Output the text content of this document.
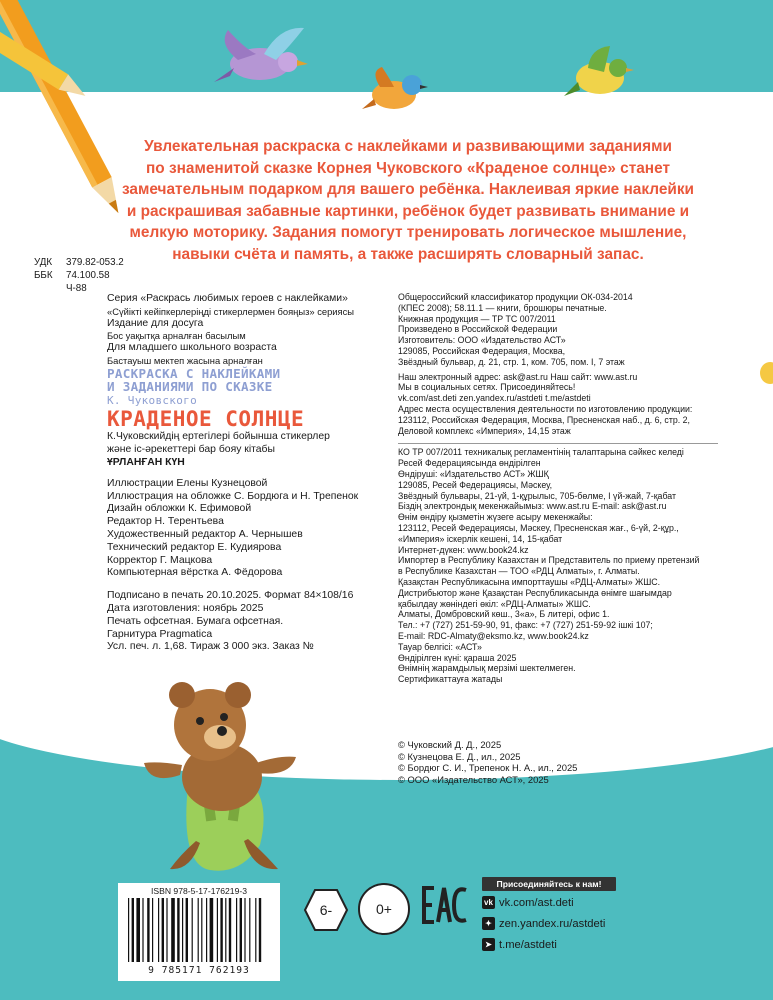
Увлекательная раскраска с наклейками и развивающими заданиями
по знаменитой сказке Корнея Чуковского «Краденое солнце» станет
замечательным подарком для вашего ребёнка. Наклеивая яркие наклейки
и раскрашивая забавные картинки, ребёнок будет развивать внимание и
мелкую моторику. Задания помогут тренировать логическое мышление,
навыки счёта и память, а также расширять словарный запас.

УДК	379.82-053.2
ББК	74.100.58
Ч-88

Серия «Раскрась любимых героев с наклейками»

«Сүйікті кейіпкерлеріңді стикерлермен бояңыз» сериясы

Издание для досуга

Бос уақытқа арналған басылым

Для младшего школьного возраста

Бастауыш мектеп жасына арналған

РАСКРАСКА С НАКЛЕЙКАМИ
И ЗАДАНИЯМИ ПО СКАЗКЕ
К. Чуковского

КРАДЕНОЕ СОЛНЦЕ

К.Чуковскийдің ертегілері бойынша стикерлер

және іс-әрекеттері бар бояу кітабы

ҰРЛАНҒАН КҮН

Иллюстрации Елены Кузнецовой

Иллюстрация на обложке С. Бордюга и Н. Трепенок

Дизайн обложки К. Ефимовой

Редактор Н. Терентьева

Художественный редактор А. Чернышев

Технический редактор Е. Кудиярова

Корректор Г. Мацкова

Компьютерная вёрстка А. Фёдорова

Подписано в печать 20.10.2025. Формат 84×108/16

Дата изготовления: ноябрь 2025

Печать офсетная. Бумага офсетная.

Гарнитура Pragmatica

Усл. печ. л. 1,68. Тираж 3 000 экз. Заказ №

Общероссийский классификатор продукции ОК-034-2014

(КПЕС 2008); 58.11.1 — книги, брошюры печатные.

Книжная продукция — ТР ТС 007/2011

Произведено в Российской Федерации

Изготовитель: ООО «Издательство АСТ»

129085, Российская Федерация, Москва,

Звёздный бульвар, д. 21, стр. 1, ком. 705, пом. I, 7 этаж

Наш электронный адрес: ask@ast.ru Наш сайт: www.ast.ru

Мы в социальных сетях. Присоединяйтесь!

vk.com/ast.deti zen.yandex.ru/astdeti t.me/astdeti

Адрес места осуществления деятельности по изготовлению продукции:

123112, Российская Федерация, Москва, Пресненская наб., д. 6, стр. 2,

Деловой комплекс «Империя», 14,15 этаж

КО ТР 007/2011 техникалық регламентінің талаптарына сәйкес келеді

Ресей Федерациясында өндірілген

Өндіруші: «Издательство АСТ» ЖШҚ

129085, Ресей Федерациясы, Мәскеу,

Звёздный бульвары, 21-үй, 1-құрылыс, 705-бөлме, I үй-жай, 7-қабат

Біздің электрондық мекенжайымыз: www.ast.ru E-mail: ask@ast.ru

Өнім өндіру қызметін жүзеге асыру мекенжайы:

123112, Ресей Федерациясы, Мәскеу, Пресненская жағ., 6-үй, 2-құр.,

«Империя» іскерлік кешені, 14, 15-қабат

Интернет-дүкен: www.book24.kz

Импортер в Республику Казахстан и Представитель по приему претензий

в Республике Казахстан — ТОО «РДЦ Алматы», г. Алматы.

Қазақстан Республикасына импорттаушы «РДЦ-Алматы» ЖШС.

Дистрибьютор және Қазақстан Республикасында өнімге шағымдар

қабылдау жөніндегі өкіл: «РДЦ-Алматы» ЖШС.

Алматы, Домбровский көш., 3«а», Б литері, офис 1.

Тел.: +7 (727) 251-59-90, 91, факс: +7 (727) 251-59-92 ішкі 107;

E-mail: RDC-Almaty@eksmo.kz, www.book24.kz

Тауар белгісі: «АСТ»

Өндірілген күні: қараша 2025

Өнімнің жарамдылық мерзімі шектелмеген.

Сертификаттауға жатады

© Чуковский Д. Д., 2025

© Кузнецова Е. Д., ил., 2025

© Бордюг С. И., Трепенок Н. А., ил., 2025

© ООО «Издательство АСТ», 2025

ISBN 978-5-17-176219-3
9 785171 762193
6-	0+
Присоединяйтесь к нам!
vk vk.com/ast.deti
✦ zen.yandex.ru/astdeti
➤ t.me/astdeti
